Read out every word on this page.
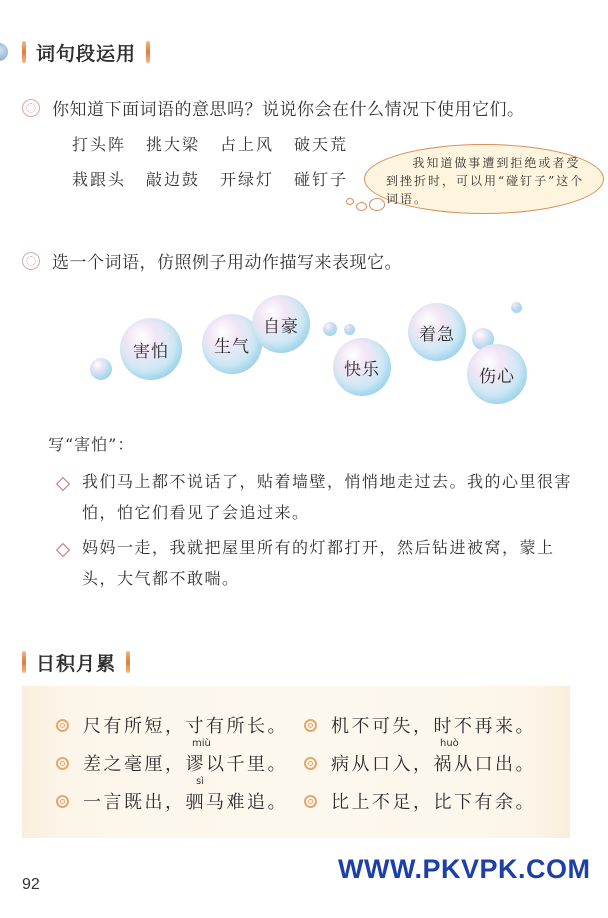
词句段运用
你知道下面词语的意思吗？说说你会在什么情况下使用它们。
打头阵	挑大梁	占上风	破天荒
栽跟头	敲边鼓	开绿灯	碰钉子
我知道做事遭到拒绝或者受到挫折时，可以用“碰钉子”这个词语。
选一个词语，仿照例子用动作描写来表现它。
害怕	生气
自豪
快乐
着急
伤心
写“害怕”：
我们马上都不说话了，贴着墙壁，悄悄地走过去。我的心里很害怕，怕它们看见了会追过来。
妈妈一走，我就把屋里所有的灯都打开，然后钻进被窝，蒙上头，大气都不敢喘。
日积月累
尺有所短，寸有所长。 机不可失，时不再来。
miù
差之毫厘，谬以千里。
huò
病从口入，祸从口出。
sì
一言既出，驷马难追。 比上不足，比下有余。
92
WWW.PKVPK.COM
